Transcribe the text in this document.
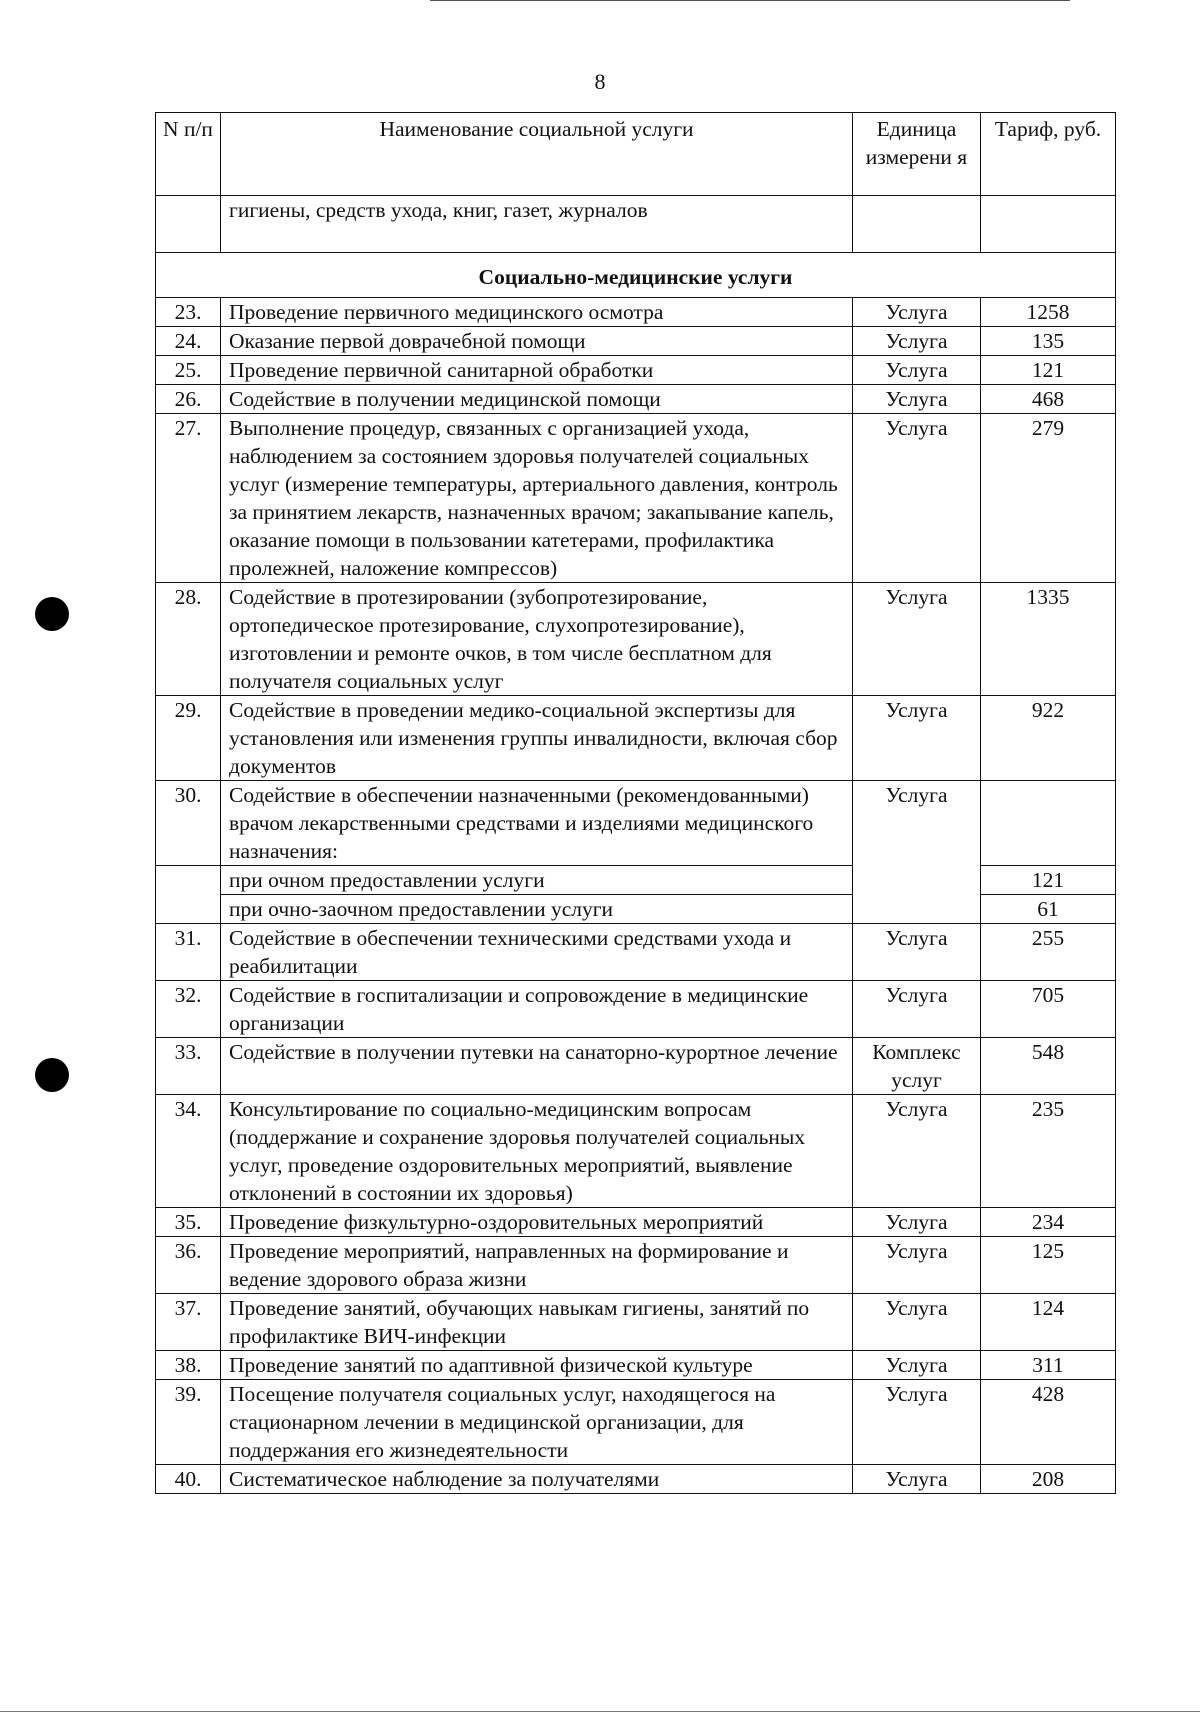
8
N п/п	Наименование социальной услуги	Единица измерени я	Тариф, руб.
	гигиены, средств ухода, книг, газет, журналов		
Социально-медицинские услуги			
23.	Проведение первичного медицинского осмотра	Услуга	1258
24.	Оказание первой доврачебной помощи	Услуга	135
25.	Проведение первичной санитарной обработки	Услуга	121
26.	Содействие в получении медицинской помощи	Услуга	468
27.	Выполнение процедур, связанных с организацией ухода, наблюдением за состоянием здоровья получателей социальных услуг (измерение температуры, артериального давления, контроль за принятием лекарств, назначенных врачом; закапывание капель, оказание помощи в пользовании катетерами, профилактика пролежней, наложение компрессов)	Услуга	279
28.	Содействие в протезировании (зубопротезирование, ортопедическое протезирование, слухопротезирование), изготовлении и ремонте очков, в том числе бесплатном для получателя социальных услуг	Услуга	1335
29.	Содействие в проведении медико-социальной экспертизы для установления или изменения группы инвалидности, включая сбор документов	Услуга	922
30.	Содействие в обеспечении назначенными (рекомендованными) врачом лекарственными средствами и изделиями медицинского назначения:	Услуга	
	при очном предоставлении услуги		121
	при очно-заочном предоставлении услуги		61
31.	Содействие в обеспечении техническими средствами ухода и реабилитации	Услуга	255
32.	Содействие в госпитализации и сопровождение в медицинские организации	Услуга	705
33.	Содействие в получении путевки на санаторно-курортное лечение	Комплекс услуг	548
34.	Консультирование по социально-медицинским вопросам (поддержание и сохранение здоровья получателей социальных услуг, проведение оздоровительных мероприятий, выявление отклонений в состоянии их здоровья)	Услуга	235
35.	Проведение физкультурно-оздоровительных мероприятий	Услуга	234
36.	Проведение мероприятий, направленных на формирование и ведение здорового образа жизни	Услуга	125
37.	Проведение занятий, обучающих навыкам гигиены, занятий по профилактике ВИЧ-инфекции	Услуга	124
38.	Проведение занятий по адаптивной физической культуре	Услуга	311
39.	Посещение получателя социальных услуг, находящегося на стационарном лечении в медицинской организации, для поддержания его жизнедеятельности	Услуга	428
40.	Систематическое наблюдение за получателями	Услуга	208
